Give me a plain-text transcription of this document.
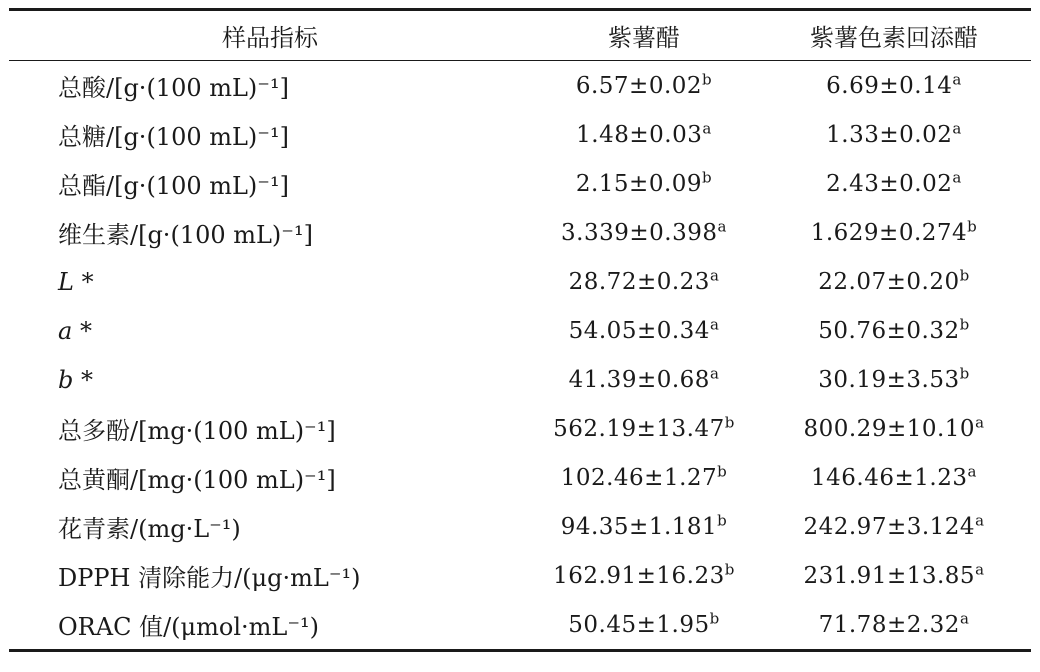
样品指标	紫薯醋	紫薯色素回添醋
总酸/[g·(100 mL)⁻¹]	6.57±0.02$^b$	6.69±0.14$^a$
总糖/[g·(100 mL)⁻¹]	1.48±0.03$^a$	1.33±0.02$^a$
总酯/[g·(100 mL)⁻¹]	2.15±0.09$^b$	2.43±0.02$^a$
维生素/[g·(100 mL)⁻¹]	3.339±0.398$^a$	1.629±0.274$^b$
L *	28.72±0.23$^a$	22.07±0.20$^b$
a *	54.05±0.34$^a$	50.76±0.32$^b$
b *	41.39±0.68$^a$	30.19±3.53$^b$
总多酚/[mg·(100 mL)⁻¹]	562.19±13.47$^b$	800.29±10.10$^a$
总黄酮/[mg·(100 mL)⁻¹]	102.46±1.27$^b$	146.46±1.23$^a$
花青素/(mg·L⁻¹)	94.35±1.181$^b$	242.97±3.124$^a$
DPPH 清除能力/(μg·mL⁻¹)	162.91±16.23$^b$	231.91±13.85$^a$
ORAC 值/(μmol·mL⁻¹)	50.45±1.95$^b$	71.78±2.32$^a$
